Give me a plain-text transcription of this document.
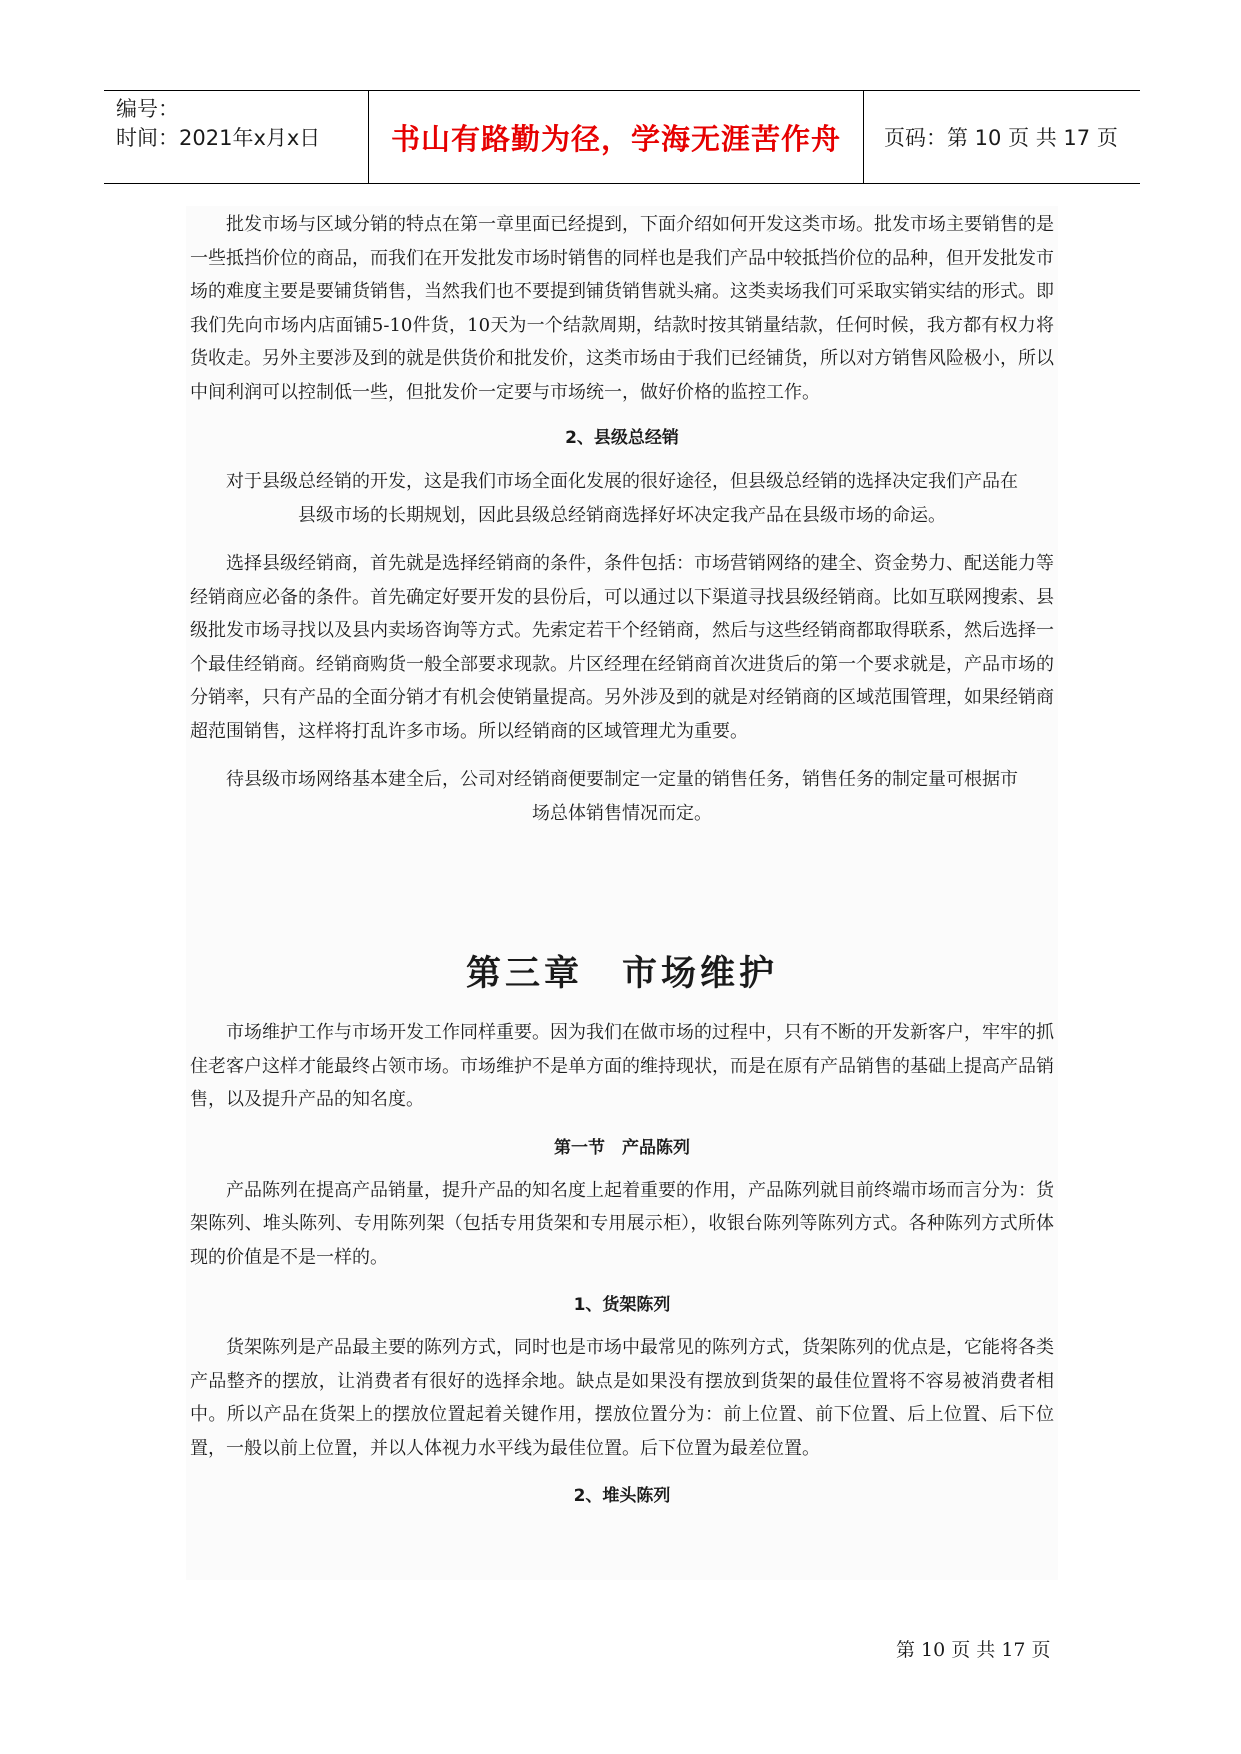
编号：
时间：2021年x月x日	书山有路勤为径，学海无涯苦作舟 页码：第 10 页 共 17 页

批发市场与区域分销的特点在第一章里面已经提到，下面介绍如何开发这类市场。批发市场主要销售的是一些抵挡价位的商品，而我们在开发批发市场时销售的同样也是我们产品中较抵挡价位的品种，但开发批发市场的难度主要是要铺货销售，当然我们也不要提到铺货销售就头痛。这类卖场我们可采取实销实结的形式。即我们先向市场内店面铺5-10件货，10天为一个结款周期，结款时按其销量结款，任何时候，我方都有权力将货收走。另外主要涉及到的就是供货价和批发价，这类市场由于我们已经铺货，所以对方销售风险极小，所以中间利润可以控制低一些，但批发价一定要与市场统一，做好价格的监控工作。

2、县级总经销

对于县级总经销的开发，这是我们市场全面化发展的很好途径，但县级总经销的选择决定我们产品在县级市场的长期规划，因此县级总经销商选择好坏决定我产品在县级市场的命运。

选择县级经销商，首先就是选择经销商的条件，条件包括：市场营销网络的建全、资金势力、配送能力等经销商应必备的条件。首先确定好要开发的县份后，可以通过以下渠道寻找县级经销商。比如互联网搜索、县级批发市场寻找以及县内卖场咨询等方式。先索定若干个经销商，然后与这些经销商都取得联系，然后选择一个最佳经销商。经销商购货一般全部要求现款。片区经理在经销商首次进货后的第一个要求就是，产品市场的分销率，只有产品的全面分销才有机会使销量提高。另外涉及到的就是对经销商的区域范围管理，如果经销商超范围销售，这样将打乱许多市场。所以经销商的区域管理尤为重要。

待县级市场网络基本建全后，公司对经销商便要制定一定量的销售任务，销售任务的制定量可根据市场总体销售情况而定。

第三章　市场维护

市场维护工作与市场开发工作同样重要。因为我们在做市场的过程中，只有不断的开发新客户，牢牢的抓住老客户这样才能最终占领市场。市场维护不是单方面的维持现状，而是在原有产品销售的基础上提高产品销售，以及提升产品的知名度。

第一节　产品陈列

产品陈列在提高产品销量，提升产品的知名度上起着重要的作用，产品陈列就目前终端市场而言分为：货架陈列、堆头陈列、专用陈列架（包括专用货架和专用展示柜），收银台陈列等陈列方式。各种陈列方式所体现的价值是不是一样的。

1、货架陈列

货架陈列是产品最主要的陈列方式，同时也是市场中最常见的陈列方式，货架陈列的优点是，它能将各类产品整齐的摆放，让消费者有很好的选择余地。缺点是如果没有摆放到货架的最佳位置将不容易被消费者相中。所以产品在货架上的摆放位置起着关键作用，摆放位置分为：前上位置、前下位置、后上位置、后下位置，一般以前上位置，并以人体视力水平线为最佳位置。后下位置为最差位置。

2、堆头陈列

第 10 页 共 17 页
